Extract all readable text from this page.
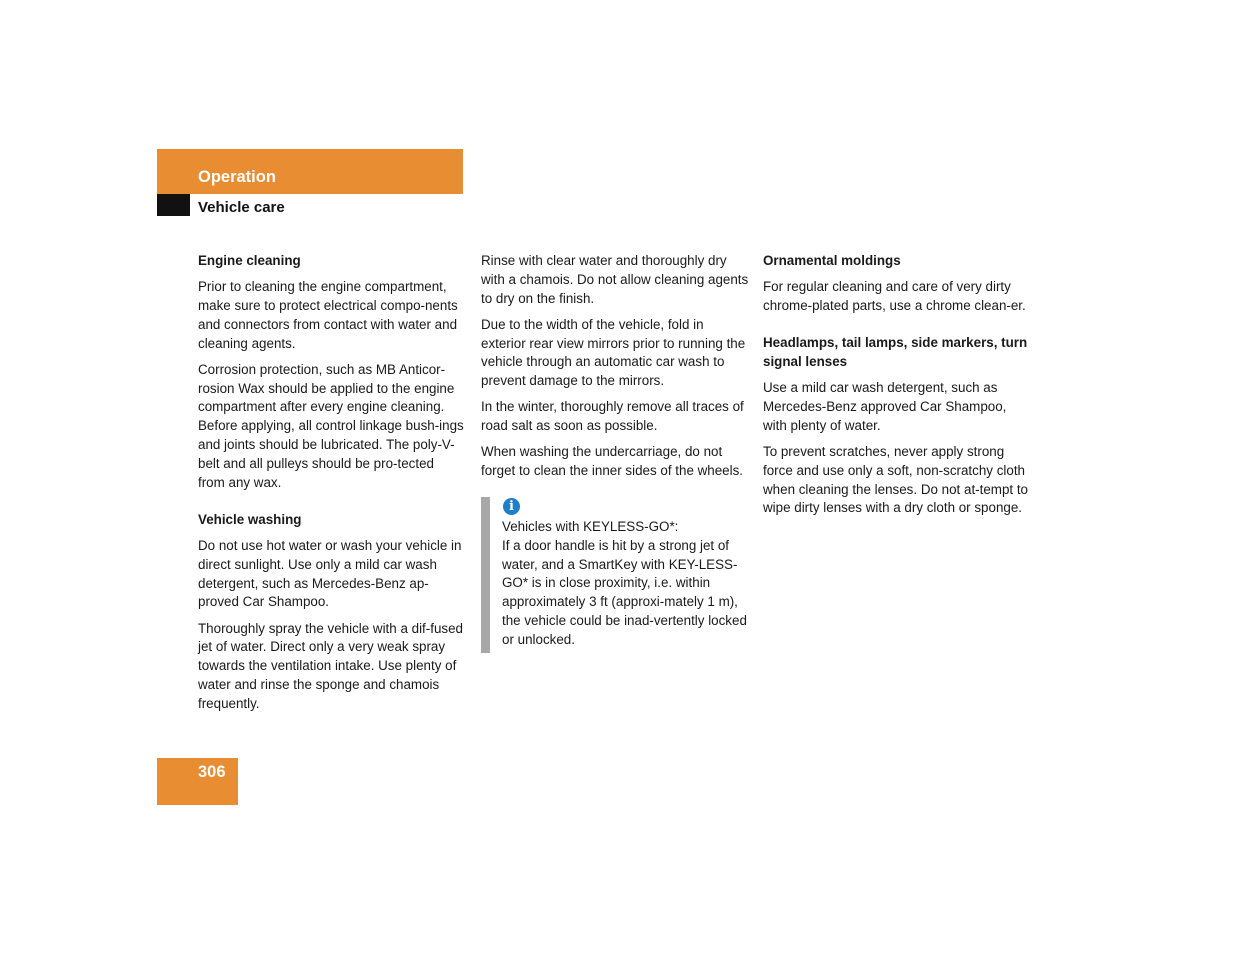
Operation
Vehicle care
Engine cleaning

Prior to cleaning the engine compartment, make sure to protect electrical compo-nents and connectors from contact with water and cleaning agents.

Corrosion protection, such as MB Anticor-rosion Wax should be applied to the engine compartment after every engine cleaning. Before applying, all control linkage bush-ings and joints should be lubricated. The poly-V-belt and all pulleys should be pro-tected from any wax.

Vehicle washing

Do not use hot water or wash your vehicle in direct sunlight. Use only a mild car wash detergent, such as Mercedes-Benz ap-proved Car Shampoo.

Thoroughly spray the vehicle with a dif-fused jet of water. Direct only a very weak spray towards the ventilation intake. Use plenty of water and rinse the sponge and chamois frequently.

Rinse with clear water and thoroughly dry with a chamois. Do not allow cleaning agents to dry on the finish.

Due to the width of the vehicle, fold in exterior rear view mirrors prior to running the vehicle through an automatic car wash to prevent damage to the mirrors.

In the winter, thoroughly remove all traces of road salt as soon as possible.

When washing the undercarriage, do not forget to clean the inner sides of the wheels.

i

Vehicles with KEYLESS-GO*:

If a door handle is hit by a strong jet of water, and a SmartKey with KEY-LESS-GO* is in close proximity, i.e. within approximately 3 ft (approxi-mately 1 m), the vehicle could be inad-vertently locked or unlocked.

Ornamental moldings

For regular cleaning and care of very dirty chrome-plated parts, use a chrome clean-er.

Headlamps, tail lamps, side markers, turn signal lenses

Use a mild car wash detergent, such as Mercedes-Benz approved Car Shampoo, with plenty of water.

To prevent scratches, never apply strong force and use only a soft, non-scratchy cloth when cleaning the lenses. Do not at-tempt to wipe dirty lenses with a dry cloth or sponge.

306
